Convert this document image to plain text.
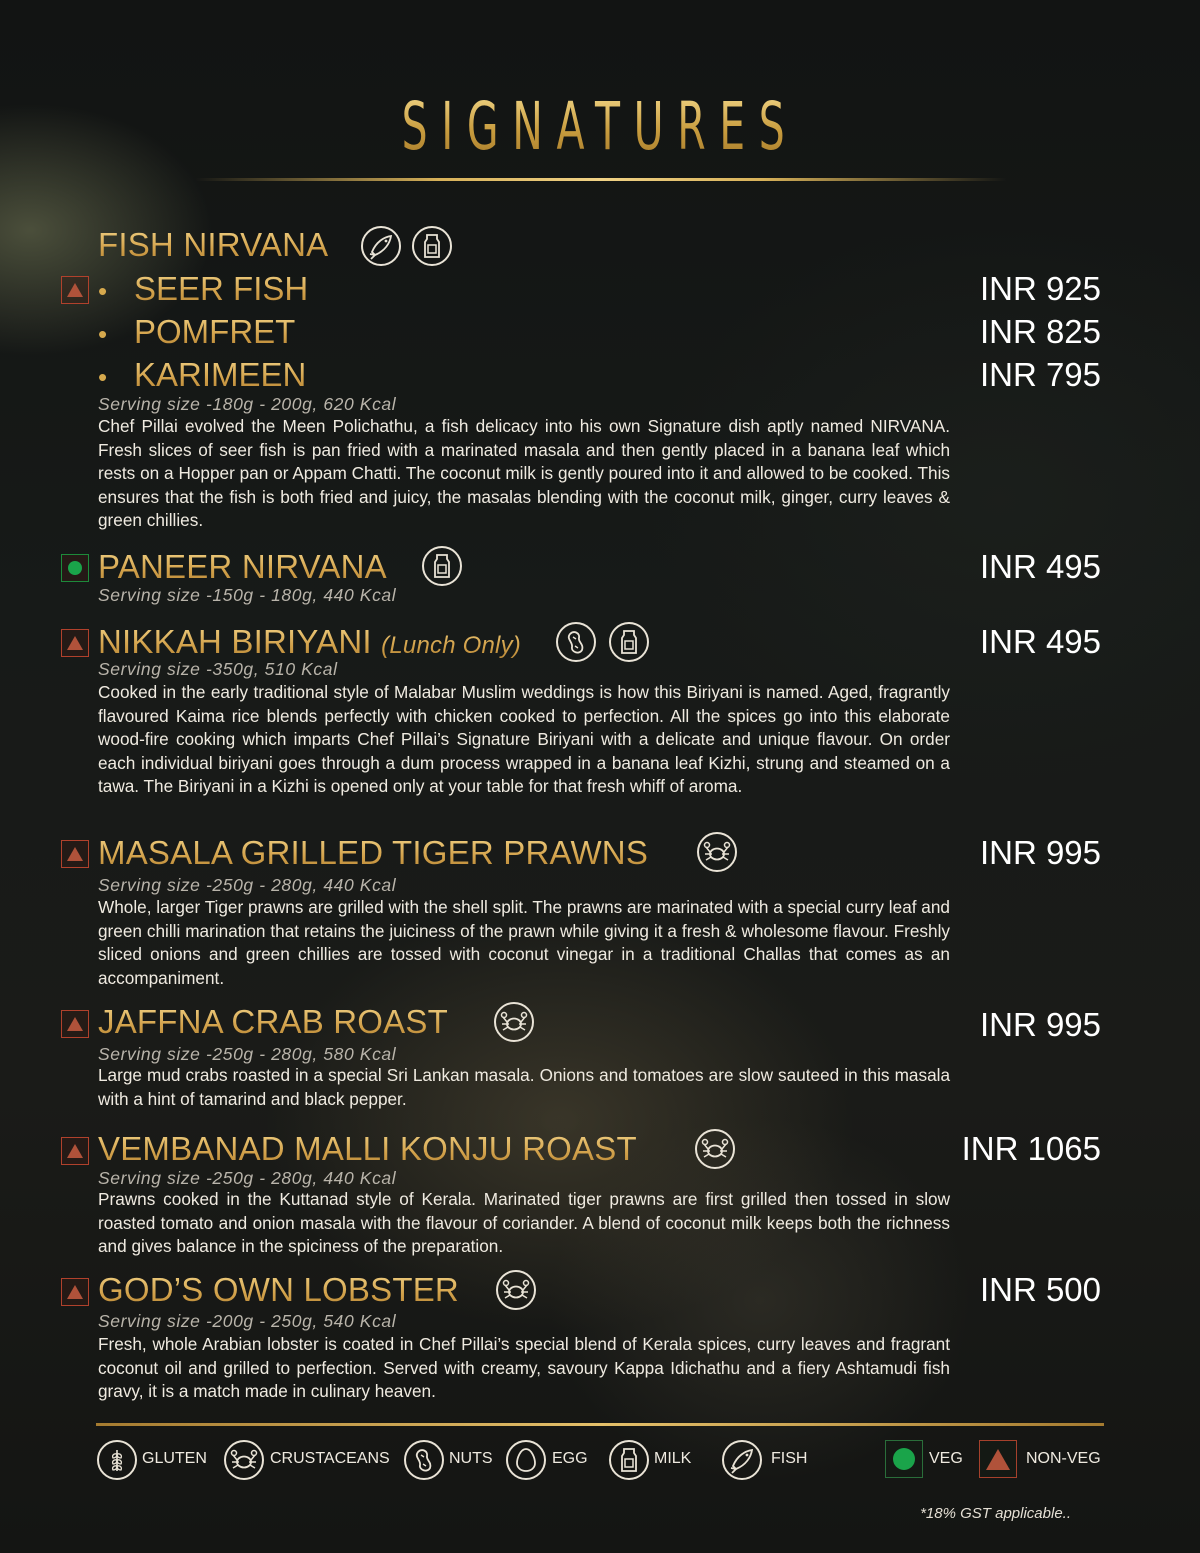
SIGNATURES
FISH NIRVANA
• SEER FISH	INR 925
• POMFRET	INR 825
• KARIMEEN	INR 795
Serving size -180g - 200g, 620 Kcal
Chef Pillai evolved the Meen Polichathu, a fish delicacy into his own Signature dish aptly named NIRVANA. Fresh slices of seer fish is pan fried with a marinated masala and then gently placed in a banana leaf which rests on a Hopper pan or Appam Chatti. The coconut milk is gently poured into it and allowed to be cooked. This ensures that the fish is both fried and juicy, the masalas blending with the coconut milk, ginger, curry leaves & green chillies.
PANEER NIRVANA	INR 495
Serving size -150g - 180g, 440 Kcal
NIKKAH BIRIYANI (Lunch Only)	INR 495
Serving size -350g, 510 Kcal
Cooked in the early traditional style of Malabar Muslim weddings is how this Biriyani is named. Aged, fragrantly flavoured Kaima rice blends perfectly with chicken cooked to perfection. All the spices go into this elaborate wood-fire cooking which imparts Chef Pillai’s Signature Biriyani with a delicate and unique flavour. On order each individual biriyani goes through a dum process wrapped in a banana leaf Kizhi, strung and steamed on a tawa. The Biriyani in a Kizhi is opened only at your table for that fresh whiff of aroma.
MASALA GRILLED TIGER PRAWNS	INR 995
Serving size -250g - 280g, 440 Kcal
Whole, larger Tiger prawns are grilled with the shell split. The prawns are marinated with a special curry leaf and green chilli marination that retains the juiciness of the prawn while giving it a fresh & wholesome flavour. Freshly sliced onions and green chillies are tossed with coconut vinegar in a traditional Challas that comes as an accompaniment.
JAFFNA CRAB ROAST	INR 995
Serving size -250g - 280g, 580 Kcal
Large mud crabs roasted in a special Sri Lankan masala. Onions and tomatoes are slow sauteed in this masala with a hint of tamarind and black pepper.
VEMBANAD MALLI KONJU ROAST	INR 1065
Serving size -250g - 280g, 440 Kcal
Prawns cooked in the Kuttanad style of Kerala. Marinated tiger prawns are first grilled then tossed in slow roasted tomato and onion masala with the flavour of coriander. A blend of coconut milk keeps both the richness and gives balance in the spiciness of the preparation.
GOD’S OWN LOBSTER	INR 500
Serving size -200g - 250g, 540 Kcal
Fresh, whole Arabian lobster is coated in Chef Pillai’s special blend of Kerala spices, curry leaves and fragrant coconut oil and grilled to perfection. Served with creamy, savoury Kappa Idichathu and a fiery Ashtamudi fish gravy, it is a match made in culinary heaven.
GLUTEN	CRUSTACEANS	NUTS	EGG	MILK	FISH	VEG	NON-VEG
*18% GST applicable..
